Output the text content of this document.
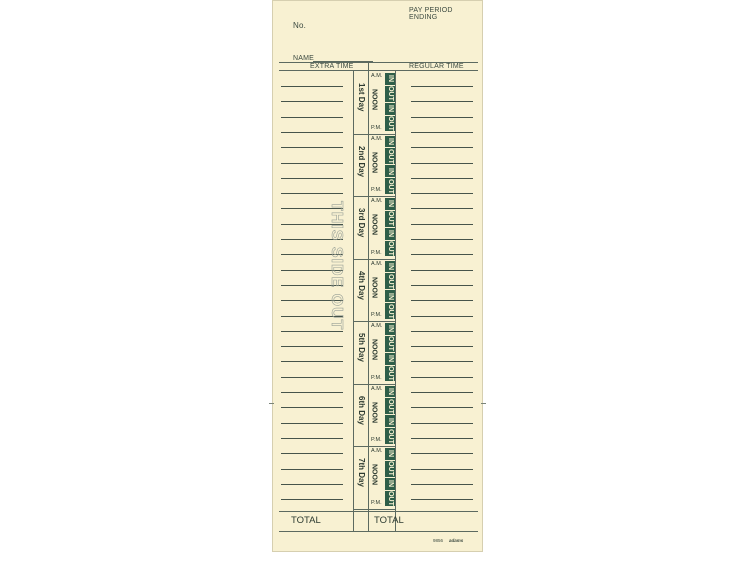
No.
PAY PERIOD ENDING
NAME
EXTRA TIME	REGULAR TIME
1st Day
A.M.
NOON
P.M.
IN
OUT
IN
OUT
2nd Day
A.M.
NOON
P.M.
IN
OUT
IN
OUT
3rd Day
A.M.
NOON
P.M.
IN
OUT
IN
OUT
4th Day
A.M.
NOON
P.M.
IN
OUT
IN
OUT
5th Day
A.M.
NOON
P.M.
IN
OUT
IN
OUT
6th Day
A.M.
NOON
P.M.
IN
OUT
IN
OUT
7th Day
A.M.
NOON
P.M.
IN
OUT
IN
OUT
THIS SIDE OUT
TOTAL	TOTAL
9856 adams
